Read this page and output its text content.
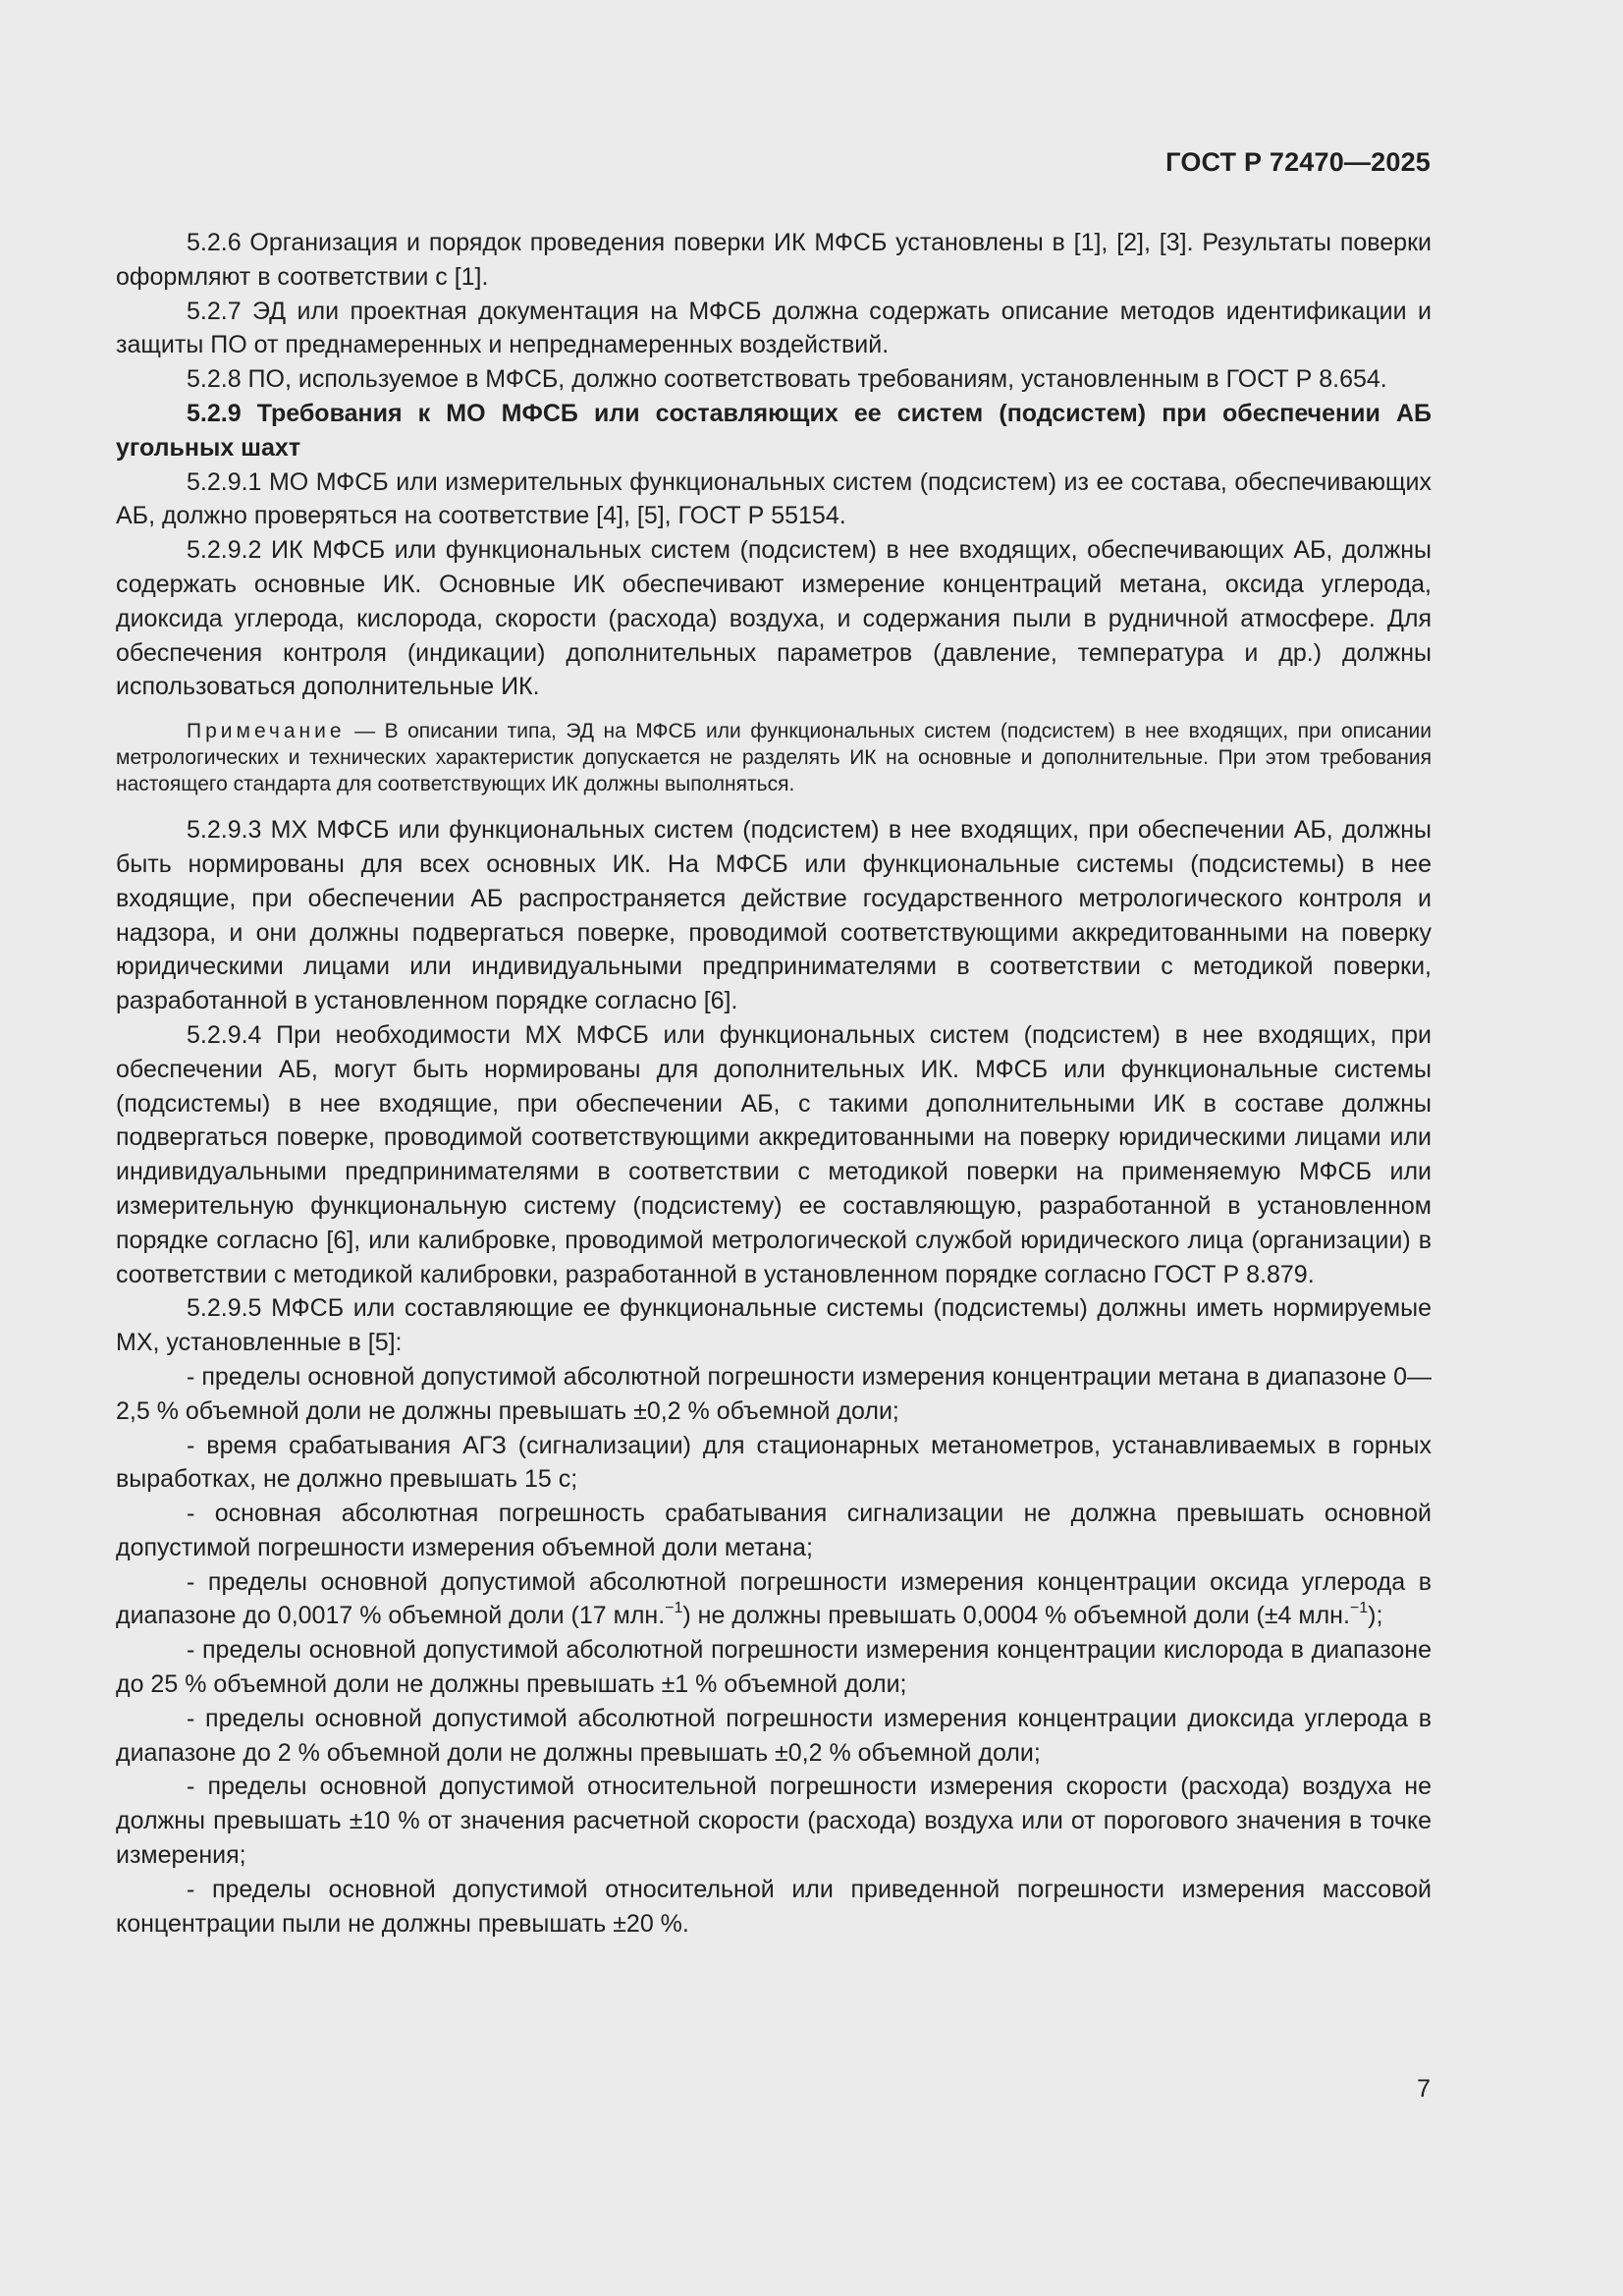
ГОСТ Р 72470—2025

5.2.6 Организация и порядок проведения поверки ИК МФСБ установлены в [1], [2], [3]. Результаты поверки оформляют в соответствии с [1].

5.2.7 ЭД или проектная документация на МФСБ должна содержать описание методов идентификации и защиты ПО от преднамеренных и непреднамеренных воздействий.

5.2.8 ПО, используемое в МФСБ, должно соответствовать требованиям, установленным в ГОСТ Р 8.654.

5.2.9 Требования к МО МФСБ или составляющих ее систем (подсистем) при обеспечении АБ угольных шахт

5.2.9.1 МО МФСБ или измерительных функциональных систем (подсистем) из ее состава, обеспечивающих АБ, должно проверяться на соответствие [4], [5], ГОСТ Р 55154.

5.2.9.2 ИК МФСБ или функциональных систем (подсистем) в нее входящих, обеспечивающих АБ, должны содержать основные ИК. Основные ИК обеспечивают измерение концентраций метана, оксида углерода, диоксида углерода, кислорода, скорости (расхода) воздуха, и содержания пыли в рудничной атмосфере. Для обеспечения контроля (индикации) дополнительных параметров (давление, температура и др.) должны использоваться дополнительные ИК.

Примечание — В описании типа, ЭД на МФСБ или функциональных систем (подсистем) в нее входящих, при описании метрологических и технических характеристик допускается не разделять ИК на основные и дополнительные. При этом требования настоящего стандарта для соответствующих ИК должны выполняться.

5.2.9.3 МХ МФСБ или функциональных систем (подсистем) в нее входящих, при обеспечении АБ, должны быть нормированы для всех основных ИК. На МФСБ или функциональные системы (подсистемы) в нее входящие, при обеспечении АБ распространяется действие государственного метрологического контроля и надзора, и они должны подвергаться поверке, проводимой соответствующими аккредитованными на поверку юридическими лицами или индивидуальными предпринимателями в соответствии с методикой поверки, разработанной в установленном порядке согласно [6].

5.2.9.4 При необходимости МХ МФСБ или функциональных систем (подсистем) в нее входящих, при обеспечении АБ, могут быть нормированы для дополнительных ИК. МФСБ или функциональные системы (подсистемы) в нее входящие, при обеспечении АБ, с такими дополнительными ИК в составе должны подвергаться поверке, проводимой соответствующими аккредитованными на поверку юридическими лицами или индивидуальными предпринимателями в соответствии с методикой поверки на применяемую МФСБ или измерительную функциональную систему (подсистему) ее составляющую, разработанной в установленном порядке согласно [6], или калибровке, проводимой метрологической службой юридического лица (организации) в соответствии с методикой калибровки, разработанной в установленном порядке согласно ГОСТ Р 8.879.

5.2.9.5 МФСБ или составляющие ее функциональные системы (подсистемы) должны иметь нормируемые МХ, установленные в [5]:

- пределы основной допустимой абсолютной погрешности измерения концентрации метана в диапазоне 0—2,5 % объемной доли не должны превышать ±0,2 % объемной доли;

- время срабатывания АГЗ (сигнализации) для стационарных метанометров, устанавливаемых в горных выработках, не должно превышать 15 с;

- основная абсолютная погрешность срабатывания сигнализации не должна превышать основной допустимой погрешности измерения объемной доли метана;

- пределы основной допустимой абсолютной погрешности измерения концентрации оксида углерода в диапазоне до 0,0017 % объемной доли (17 млн.$^{-1}$) не должны превышать 0,0004 % объемной доли (±4 млн.$^{-1}$);

- пределы основной допустимой абсолютной погрешности измерения концентрации кислорода в диапазоне до 25 % объемной доли не должны превышать ±1 % объемной доли;

- пределы основной допустимой абсолютной погрешности измерения концентрации диоксида углерода в диапазоне до 2 % объемной доли не должны превышать ±0,2 % объемной доли;

- пределы основной допустимой относительной погрешности измерения скорости (расхода) воздуха не должны превышать ±10 % от значения расчетной скорости (расхода) воздуха или от порогового значения в точке измерения;

- пределы основной допустимой относительной или приведенной погрешности измерения массовой концентрации пыли не должны превышать ±20 %.

7
